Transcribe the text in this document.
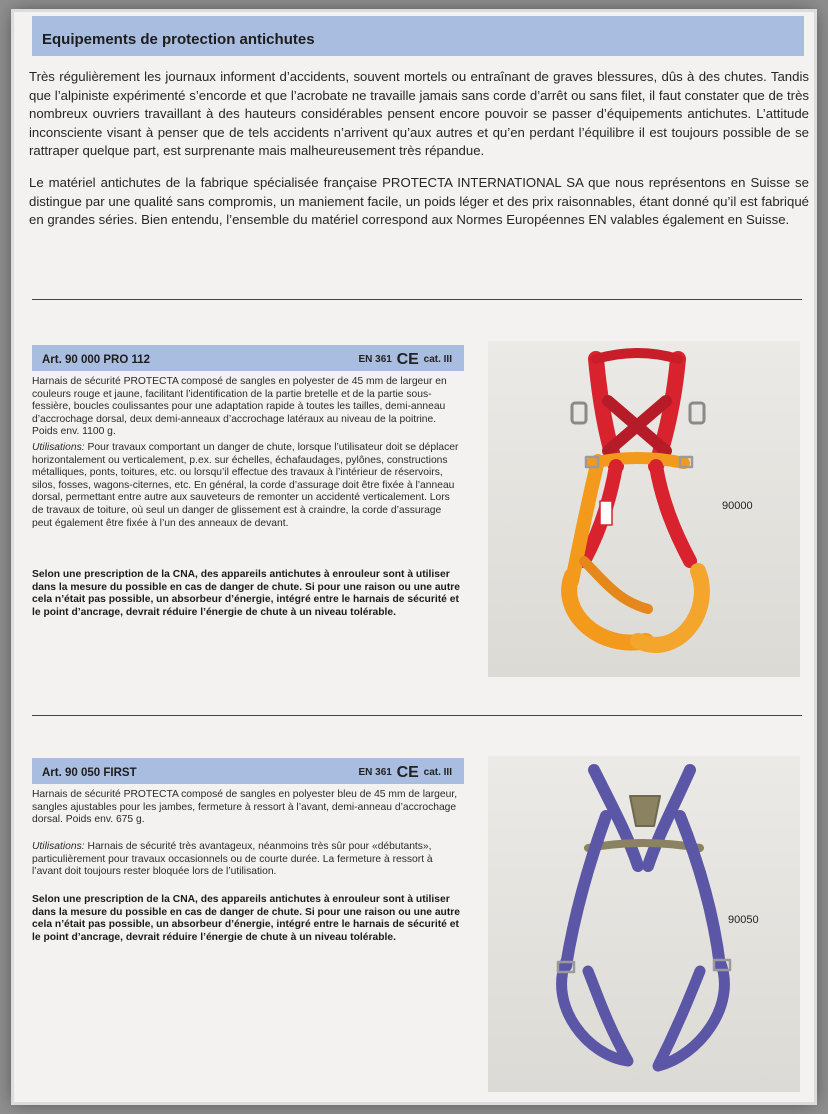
Equipements de protection antichutes

Très régulièrement les journaux informent d’accidents, souvent mortels ou entraînant de graves blessures, dûs à des chutes. Tandis que l’alpiniste expérimenté s’encorde et que l’acrobate ne travaille jamais sans corde d’arrêt ou sans filet, il faut constater que de très nombreux ouvriers travaillant à des hauteurs considérables pensent encore pouvoir se passer d’équipements antichutes. L’attitude inconsciente visant à penser que de tels accidents n’arrivent qu’aux autres et qu’en perdant l’équilibre il est toujours possible de se rattraper quelque part, est surprenante mais malheureusement très répandue.

Le matériel antichutes de la fabrique spécialisée française PROTECTA INTERNATIONAL SA que nous représentons en Suisse se distingue par une qualité sans compromis, un maniement facile, un poids léger et des prix raisonnables, étant donné qu’il est fabriqué en grandes séries. Bien entendu, l’ensemble du matériel correspond aux Normes Européennes EN valables également en Suisse.

Art. 90 000 PRO 112	EN 361 CE cat. III

Harnais de sécurité PROTECTA composé de sangles en polyester de 45 mm de largeur en couleurs rouge et jaune, facilitant l’identification de la partie bretelle et de la partie sous-fessière, boucles coulissantes pour une adaptation rapide à toutes les tailles, demi-anneau d’accrochage dorsal, deux demi-anneaux d’accrochage latéraux au niveau de la poitrine. Poids env. 1100 g.

Utilisations: Pour travaux comportant un danger de chute, lorsque l’utilisateur doit se déplacer horizontalement ou verticalement, p.ex. sur échelles, échafaudages, pylônes, constructions métalliques, ponts, toitures, etc. ou lorsqu’il effectue des travaux à l’intérieur de réservoirs, silos, fosses, wagons-citernes, etc. En général, la corde d’assurage doit être fixée à l’anneau dorsal, permettant entre autre aux sauveteurs de remonter un accidenté verticalement. Lors de travaux de toiture, où seul un danger de glissement est à craindre, la corde d’assurage peut également être fixée à l’un des anneaux de devant.

Selon une prescription de la CNA, des appareils antichutes à enrouleur sont à utiliser dans la mesure du possible en cas de danger de chute. Si pour une raison ou une autre cela n’était pas possible, un absorbeur d’énergie, intégré entre le harnais de sécurité et le point d’ancrage, devrait réduire l’énergie de chute à un niveau tolérable.

90000
Art. 90 050 FIRST	EN 361 CE cat. III

Harnais de sécurité PROTECTA composé de sangles en polyester bleu de 45 mm de largeur, sangles ajustables pour les jambes, fermeture à ressort à l’avant, demi-anneau d’accrochage dorsal. Poids env. 675 g.

Utilisations: Harnais de sécurité très avantageux, néanmoins très sûr pour «débutants», particulièrement pour travaux occasionnels ou de courte durée. La fermeture à ressort à l’avant doit toujours rester bloquée lors de l’utilisation.

Selon une prescription de la CNA, des appareils antichutes à enrouleur sont à utiliser dans la mesure du possible en cas de danger de chute. Si pour une raison ou une autre cela n’était pas possible, un absorbeur d’énergie, intégré entre le harnais de sécurité et le point d’ancrage, devrait réduire l’énergie de chute à un niveau tolérable.

90050
